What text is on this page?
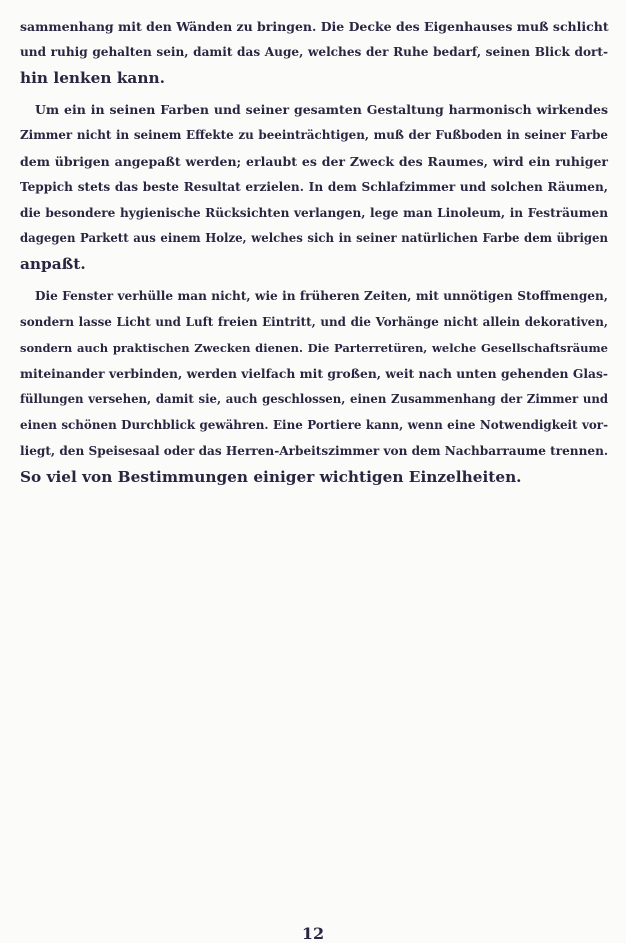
sammenhang mit den Wänden zu bringen. Die Decke des Eigenhauses muß schlicht
und ruhig gehalten sein, damit das Auge, welches der Ruhe bedarf, seinen Blick dort-
hin lenken kann.
Um ein in seinen Farben und seiner gesamten Gestaltung harmonisch wirkendes
Zimmer nicht in seinem Effekte zu beeinträchtigen, muß der Fußboden in seiner Farbe
dem übrigen angepaßt werden; erlaubt es der Zweck des Raumes, wird ein ruhiger
Teppich stets das beste Resultat erzielen. In dem Schlafzimmer und solchen Räumen,
die besondere hygienische Rücksichten verlangen, lege man Linoleum, in Festräumen
dagegen Parkett aus einem Holze, welches sich in seiner natürlichen Farbe dem übrigen
anpaßt.
Die Fenster verhülle man nicht, wie in früheren Zeiten, mit unnötigen Stoffmengen,
sondern lasse Licht und Luft freien Eintritt, und die Vorhänge nicht allein dekorativen,
sondern auch praktischen Zwecken dienen. Die Parterretüren, welche Gesellschaftsräume
miteinander verbinden, werden vielfach mit großen, weit nach unten gehenden Glas-
füllungen versehen, damit sie, auch geschlossen, einen Zusammenhang der Zimmer und
einen schönen Durchblick gewähren. Eine Portiere kann, wenn eine Notwendigkeit vor-
liegt, den Speisesaal oder das Herren-Arbeitszimmer von dem Nachbarraume trennen.
So viel von Bestimmungen einiger wichtigen Einzelheiten.
12
